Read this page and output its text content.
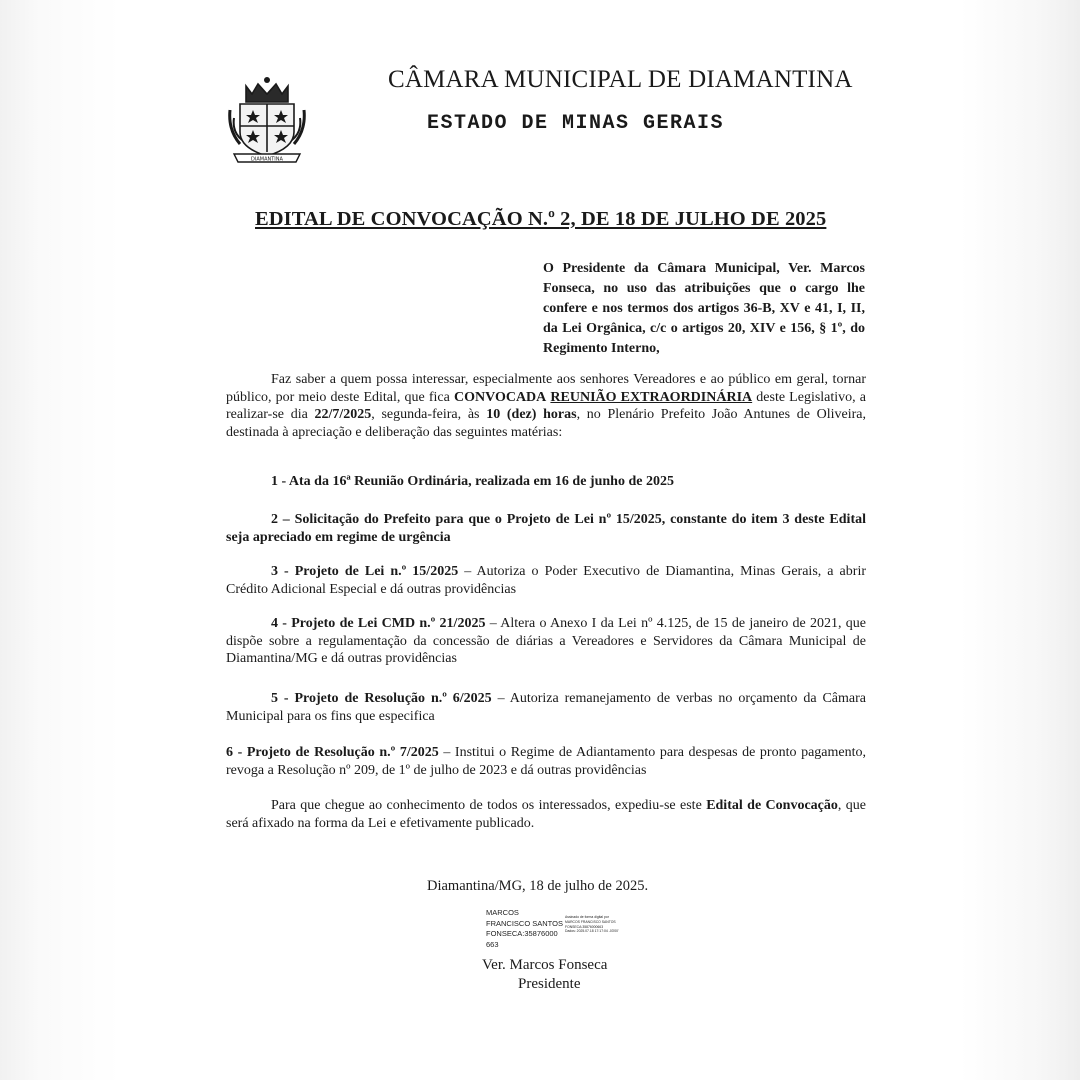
DIAMANTINA
CÂMARA MUNICIPAL DE DIAMANTINA
ESTADO DE MINAS GERAIS
EDITAL DE CONVOCAÇÃO N.º 2, DE 18 DE JULHO DE 2025
O Presidente da Câmara Municipal, Ver. Marcos Fonseca, no uso das atribuições que o cargo lhe confere e nos termos dos artigos 36-B, XV e 41, I, II, da Lei Orgânica, c/c o artigos 20, XIV e 156, § 1º, do Regimento Interno,

Faz saber a quem possa interessar, especialmente aos senhores Vereadores e ao público em geral, tornar público, por meio deste Edital, que fica CONVOCADA REUNIÃO EXTRAORDINÁRIA deste Legislativo, a realizar-se dia 22/7/2025, segunda-feira, às 10 (dez) horas, no Plenário Prefeito João Antunes de Oliveira, destinada à apreciação e deliberação das seguintes matérias:

1 - Ata da 16ª Reunião Ordinária, realizada em 16 de junho de 2025

2 – Solicitação do Prefeito para que o Projeto de Lei nº 15/2025, constante do item 3 deste Edital seja apreciado em regime de urgência

3 - Projeto de Lei n.º 15/2025 – Autoriza o Poder Executivo de Diamantina, Minas Gerais, a abrir Crédito Adicional Especial e dá outras providências

4 - Projeto de Lei CMD n.º 21/2025 – Altera o Anexo I da Lei nº 4.125, de 15 de janeiro de 2021, que dispõe sobre a regulamentação da concessão de diárias a Vereadores e Servidores da Câmara Municipal de Diamantina/MG e dá outras providências

5 - Projeto de Resolução n.º 6/2025 – Autoriza remanejamento de verbas no orçamento da Câmara Municipal para os fins que especifica

6 - Projeto de Resolução n.º 7/2025 – Institui o Regime de Adiantamento para despesas de pronto pagamento, revoga a Resolução nº 209, de 1º de julho de 2023 e dá outras providências

Para que chegue ao conhecimento de todos os interessados, expediu-se este Edital de Convocação, que será afixado na forma da Lei e efetivamente publicado.

Diamantina/MG, 18 de julho de 2025.
MARCOS
FRANCISCO SANTOS
FONSECA:35876000
663
Assinado de forma digital por
MARCOS FRANCISCO SANTOS
FONSECA:35876000663
Dados: 2025.07.18 17:17:04 -03'00'
Ver. Marcos Fonseca
Presidente
